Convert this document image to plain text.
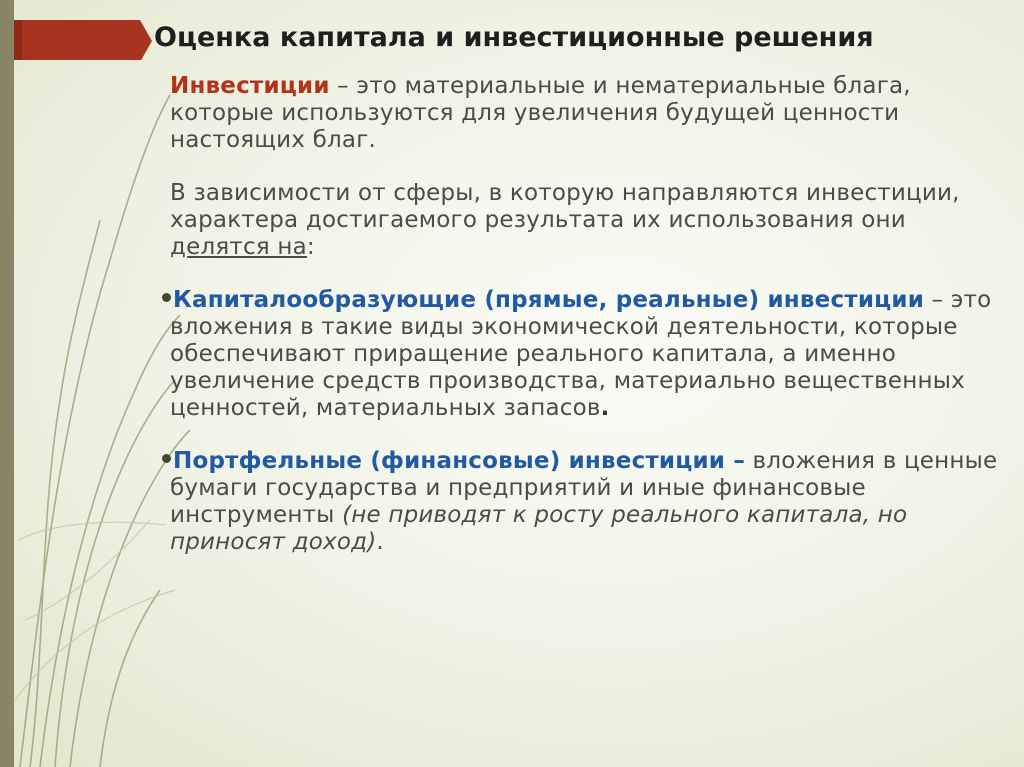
Оценка капитала и инвестиционные решения

Инвестиции – это материальные и нематериальные блага, которые используются для увеличения будущей ценности настоящих благ.

В зависимости от сферы, в которую направляются инвестиции, характера достигаемого результата их использования они делятся на:

Капиталообразующие (прямые, реальные) инвестиции – это вложения в такие виды экономической деятельности, которые обеспечивают приращение реального капитала, а именно увеличение средств производства, материально вещественных ценностей, материальных запасов.

Портфельные (финансовые) инвестиции – вложения в ценные бумаги государства и предприятий и иные финансовые инструменты (не приводят к росту реального капитала, но приносят доход).
